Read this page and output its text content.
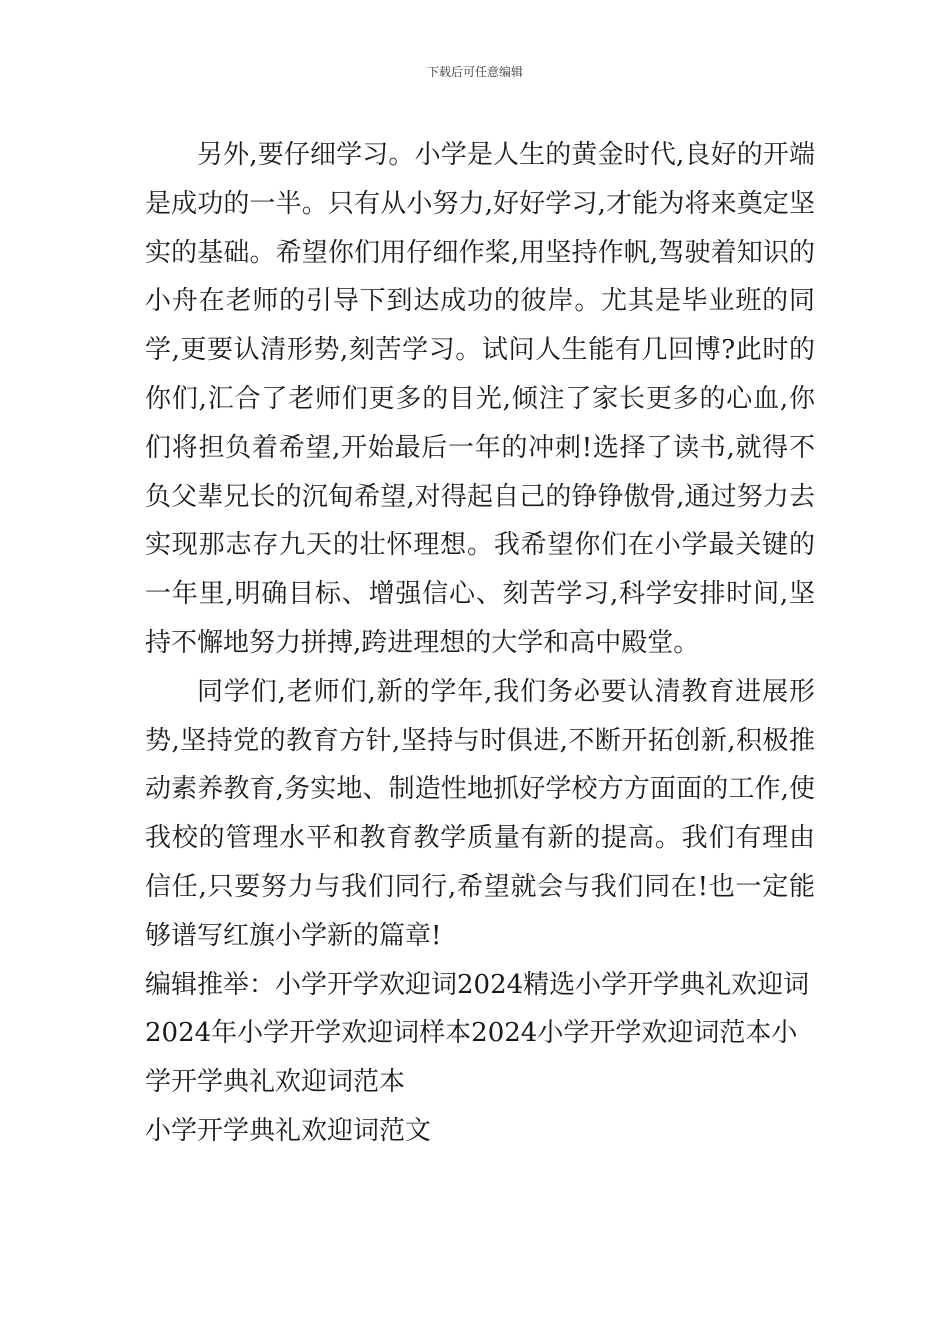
下载后可任意编辑

另外,要仔细学习。小学是人生的黄金时代,良好的开端是成功的一半。只有从小努力,好好学习,才能为将来奠定坚实的基础。希望你们用仔细作桨,用坚持作帆,驾驶着知识的小舟在老师的引导下到达成功的彼岸。尤其是毕业班的同学,更要认清形势,刻苦学习。试问人生能有几回博?此时的你们,汇合了老师们更多的目光,倾注了家长更多的心血,你们将担负着希望,开始最后一年的冲刺!选择了读书,就得不负父辈兄长的沉甸希望,对得起自己的铮铮傲骨,通过努力去实现那志存九天的壮怀理想。我希望你们在小学最关键的一年里,明确目标、增强信心、刻苦学习,科学安排时间,坚持不懈地努力拼搏,跨进理想的大学和高中殿堂。

同学们,老师们,新的学年,我们务必要认清教育进展形势,坚持党的教育方针,坚持与时俱进,不断开拓创新,积极推动素养教育,务实地、制造性地抓好学校方方面面的工作,使我校的管理水平和教育教学质量有新的提高。我们有理由信任,只要努力与我们同行,希望就会与我们同在!也一定能够谱写红旗小学新的篇章!

编辑推举：小学开学欢迎词2024精选小学开学典礼欢迎词2024年小学开学欢迎词样本2024小学开学欢迎词范本小学开学典礼欢迎词范本

小学开学典礼欢迎词范文
